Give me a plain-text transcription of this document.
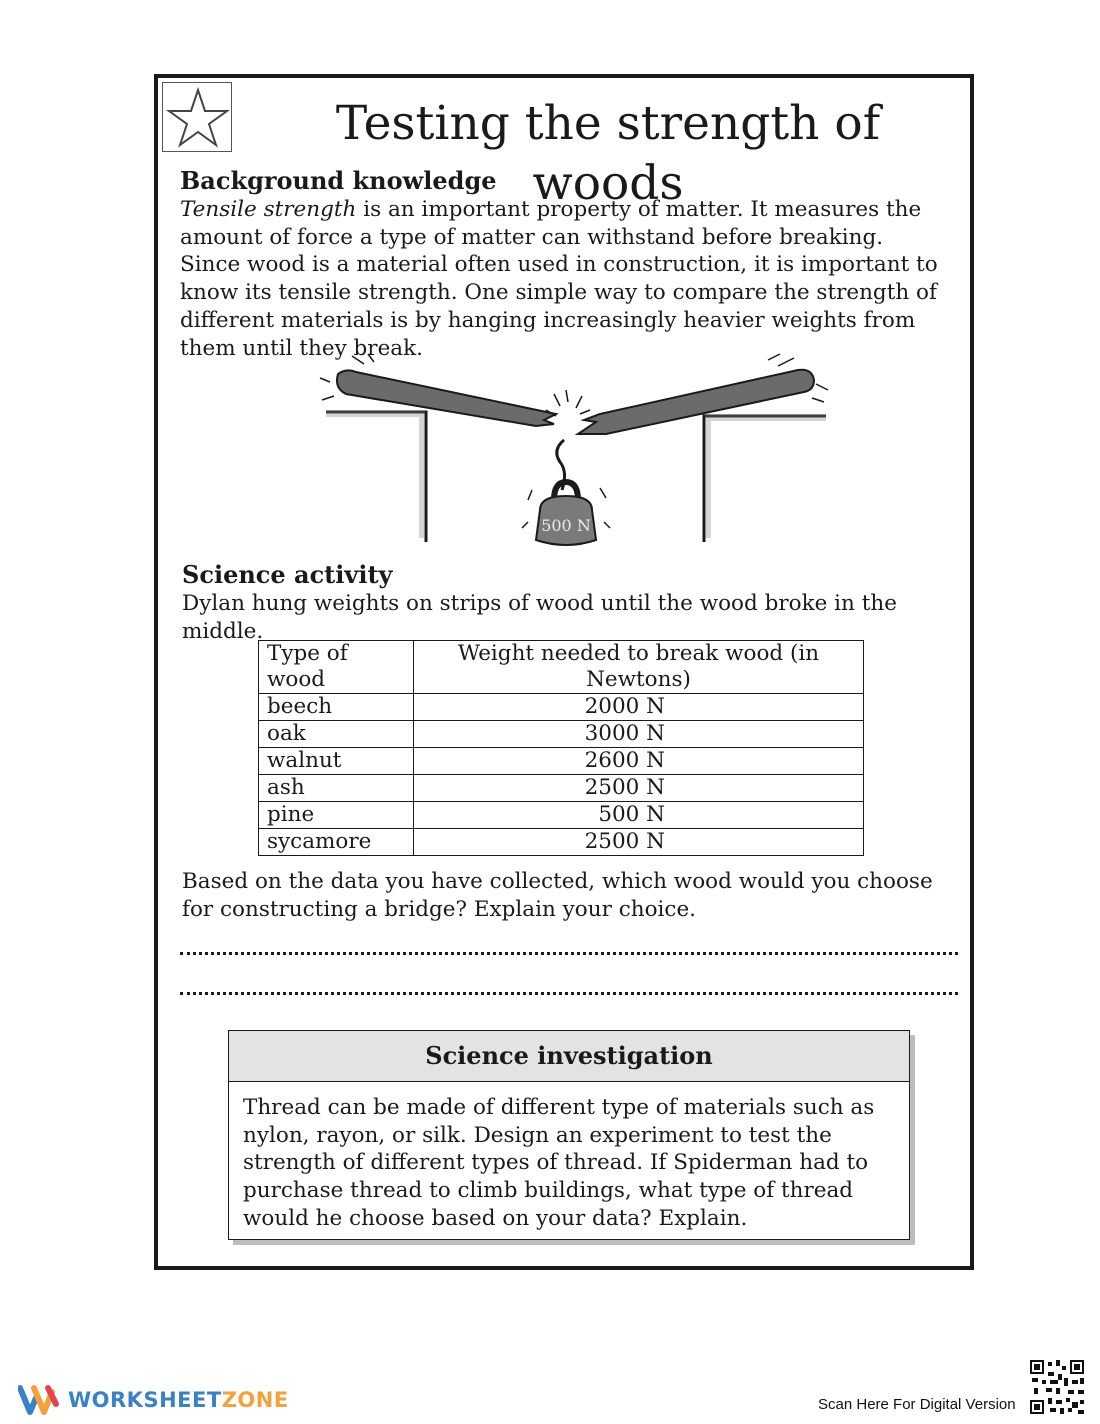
Testing the strength of woods
Background knowledge

Tensile strength is an important property of matter. It measures the amount of force a type of matter can withstand before breaking. Since wood is a material often used in construction, it is important to know its tensile strength. One simple way to compare the strength of different materials is by hanging increasingly heavier weights from them until they break.

500 N
Science activity

Dylan hung weights on strips of wood until the wood broke in the middle.

Type of wood	Weight needed to break wood (in Newtons)
beech	2000 N
oak	3000 N
walnut	2600 N
ash	2500 N
pine	500 N
sycamore	2500 N

Based on the data you have collected, which wood would you choose

for constructing a bridge? Explain your choice.

Science investigation
Thread can be made of different type of materials such as nylon, rayon, or silk. Design an experiment to test the strength of different types of thread. If Spiderman had to purchase thread to climb buildings, what type of thread would he choose based on your data? Explain.
WORKSHEETZONE	Scan Here For Digital Version
